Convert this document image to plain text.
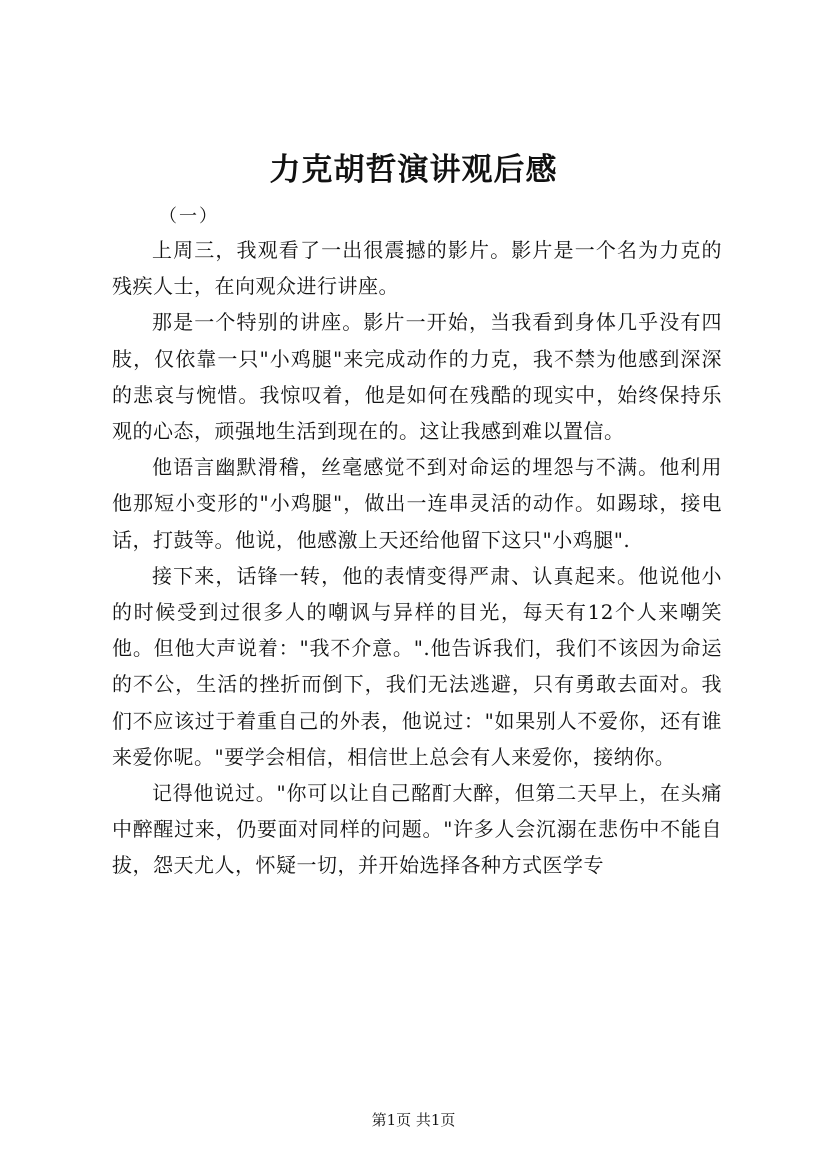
力克胡哲演讲观后感
（一）

上周三，我观看了一出很震撼的影片。影片是一个名为力克的残疾人士，在向观众进行讲座。

那是一个特别的讲座。影片一开始，当我看到身体几乎没有四肢，仅依靠一只"小鸡腿"来完成动作的力克，我不禁为他感到深深的悲哀与惋惜。我惊叹着，他是如何在残酷的现实中，始终保持乐观的心态，顽强地生活到现在的。这让我感到难以置信。

他语言幽默滑稽，丝毫感觉不到对命运的埋怨与不满。他利用他那短小变形的"小鸡腿"，做出一连串灵活的动作。如踢球，接电话，打鼓等。他说，他感激上天还给他留下这只"小鸡腿".

接下来，话锋一转，他的表情变得严肃、认真起来。他说他小的时候受到过很多人的嘲讽与异样的目光，每天有12个人来嘲笑他。但他大声说着："我不介意。".他告诉我们，我们不该因为命运的不公，生活的挫折而倒下，我们无法逃避，只有勇敢去面对。我们不应该过于着重自己的外表，他说过："如果别人不爱你，还有谁来爱你呢。"要学会相信，相信世上总会有人来爱你，接纳你。

记得他说过。"你可以让自己酩酊大醉，但第二天早上，在头痛中醉醒过来，仍要面对同样的问题。"许多人会沉溺在悲伤中不能自拔，怨天尤人，怀疑一切，并开始选择各种方式医学专

第1页 共1页
